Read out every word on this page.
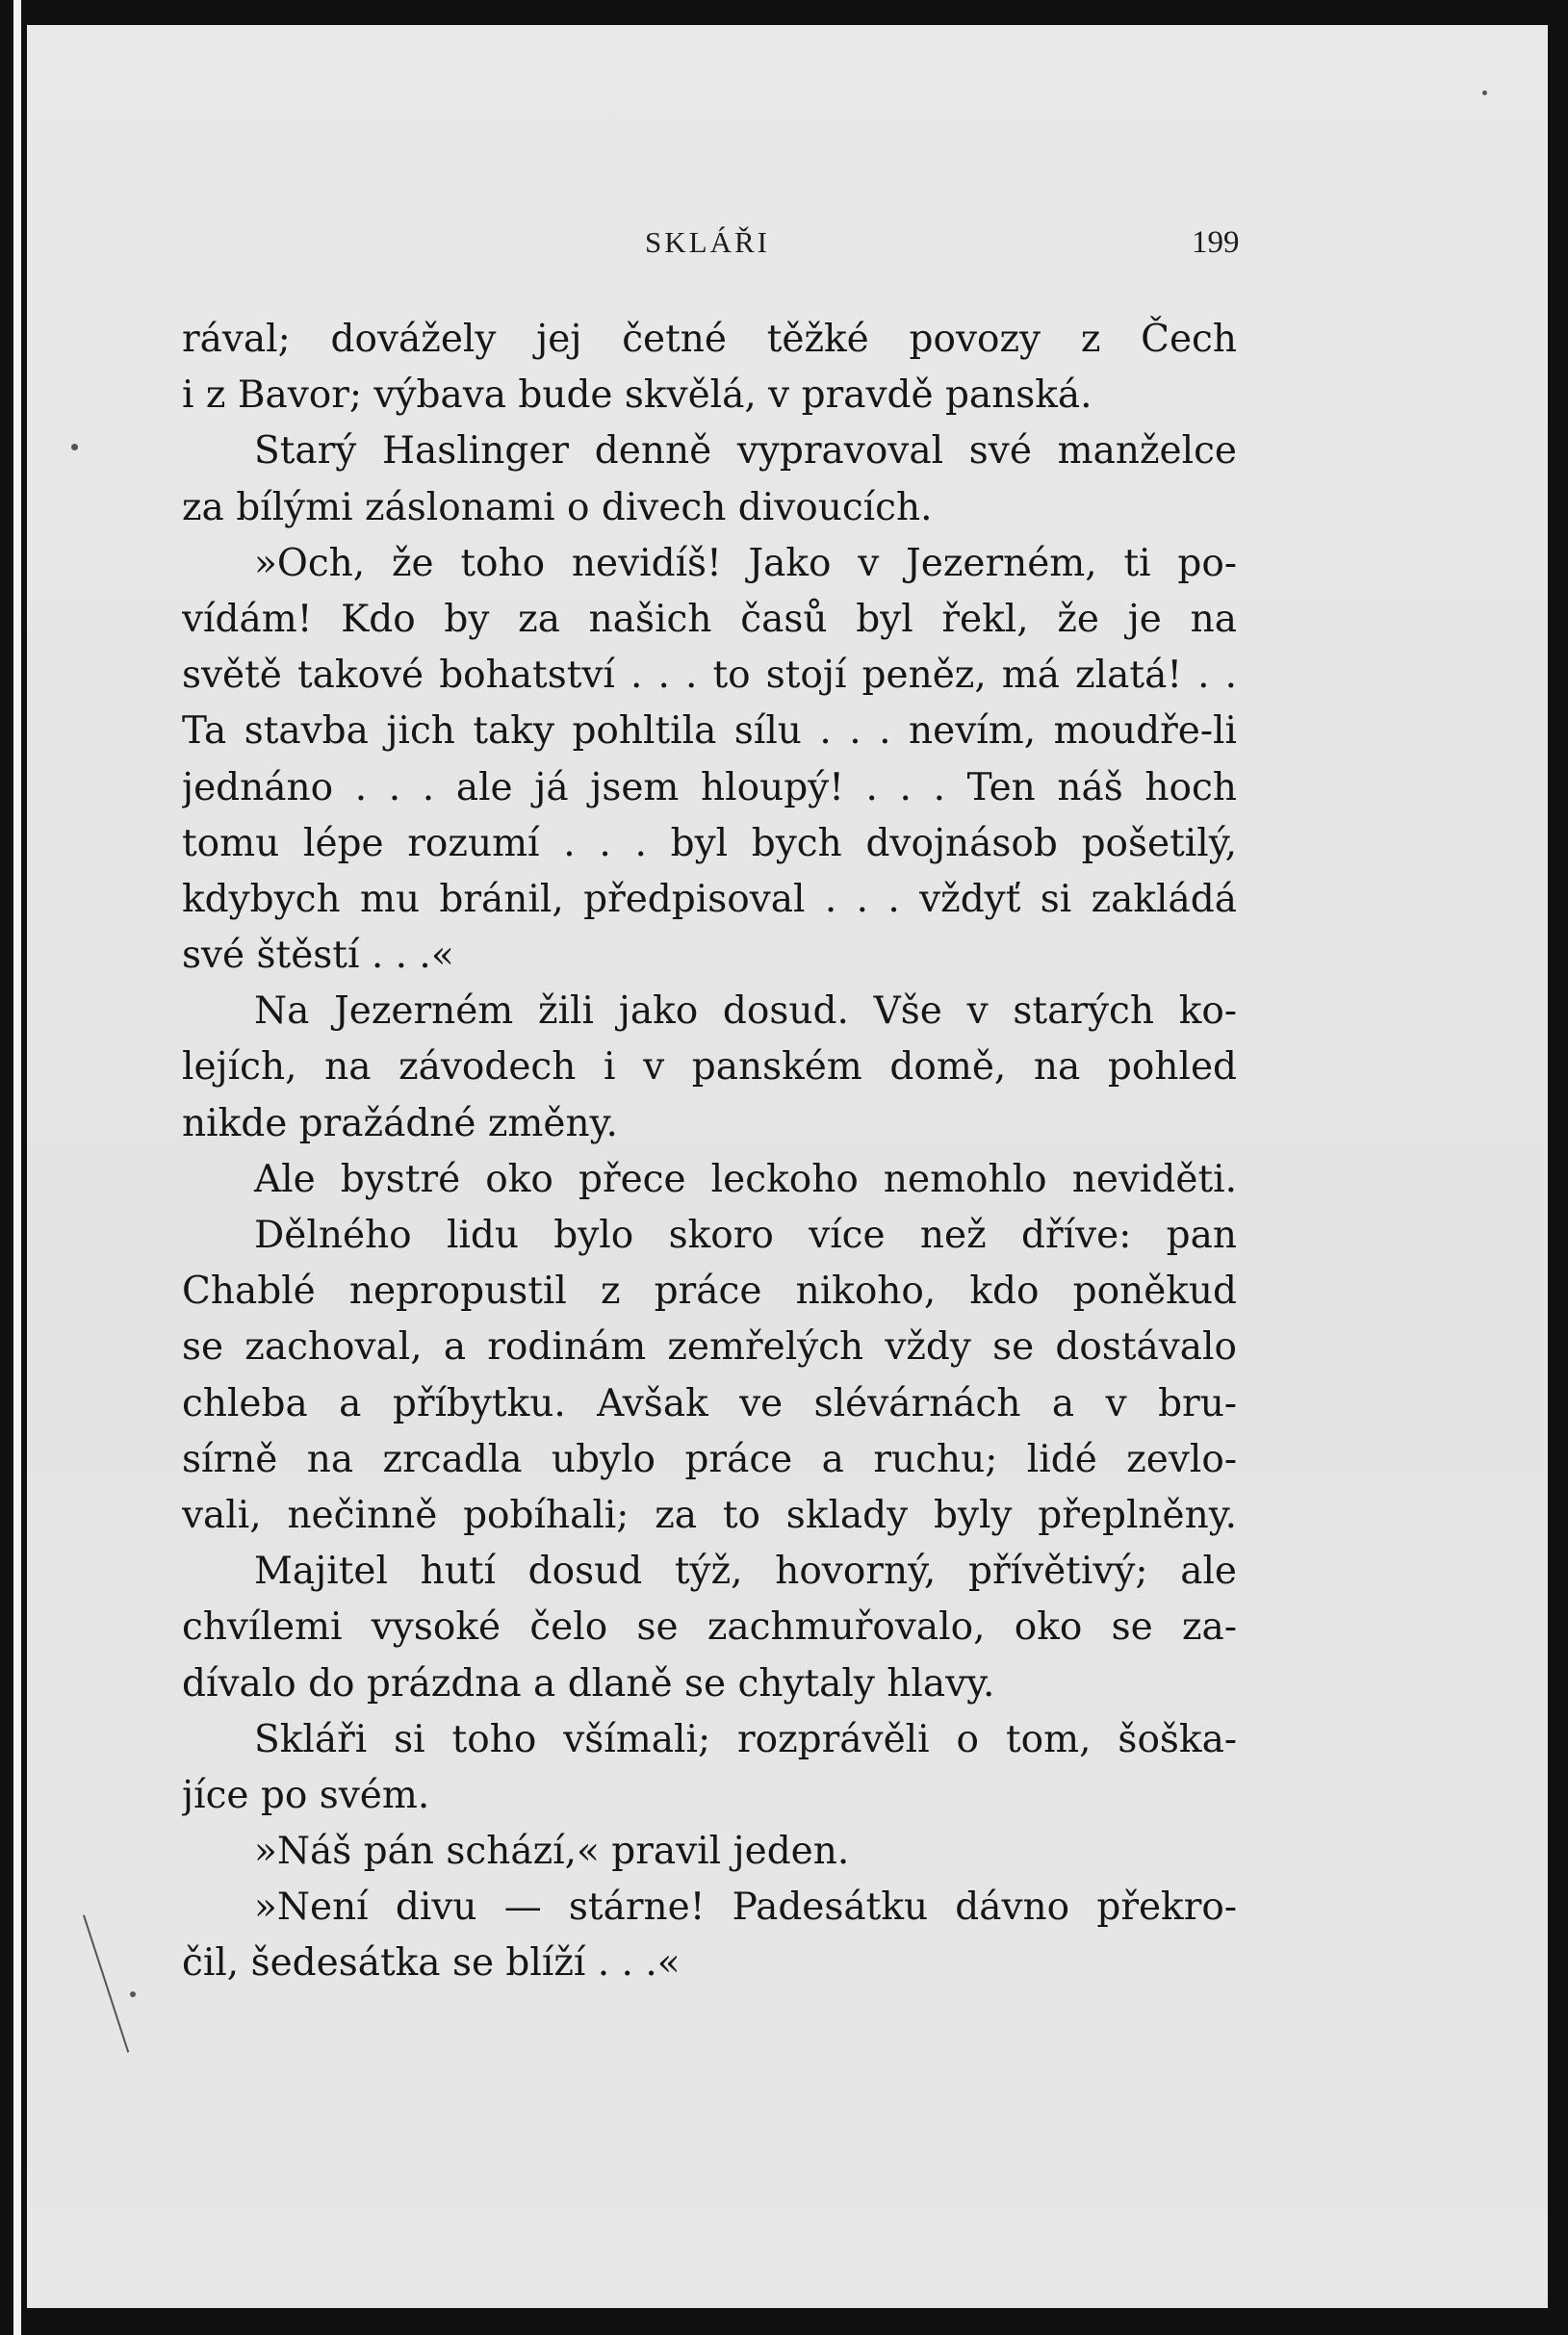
SKLÁŘI	199
rával; dovážely jej četné těžké povozy z Čech
i z Bavor; výbava bude skvělá, v pravdě panská.
Starý Haslinger denně vypravoval své manželce
za bílými záslonami o divech divoucích.
»Och, že toho nevidíš! Jako v Jezerném, ti po-
vídám! Kdo by za našich časů byl řekl, že je na
světě takové bohatství . . . to stojí peněz, má zlatá! . .
Ta stavba jich taky pohltila sílu . . . nevím, moudře-li
jednáno . . . ale já jsem hloupý! . . . Ten náš hoch
tomu lépe rozumí . . . byl bych dvojnásob pošetilý,
kdybych mu bránil, předpisoval . . . vždyť si zakládá
své štěstí . . .«
Na Jezerném žili jako dosud. Vše v starých ko-
lejích, na závodech i v panském domě, na pohled
nikde pražádné změny.
Ale bystré oko přece leckoho nemohlo neviděti.
Dělného lidu bylo skoro více než dříve: pan
Chablé nepropustil z práce nikoho, kdo poněkud
se zachoval, a rodinám zemřelých vždy se dostávalo
chleba a příbytku. Avšak ve slévárnách a v bru-
sírně na zrcadla ubylo práce a ruchu; lidé zevlo-
vali, nečinně pobíhali; za to sklady byly přeplněny.
Majitel hutí dosud týž, hovorný, přívětivý; ale
chvílemi vysoké čelo se zachmuřovalo, oko se za-
dívalo do prázdna a dlaně se chytaly hlavy.
Skláři si toho všímali; rozprávěli o tom, šoška-
jíce po svém.
»Náš pán schází,« pravil jeden.
»Není divu — stárne! Padesátku dávno překro-
čil, šedesátka se blíží . . .«
